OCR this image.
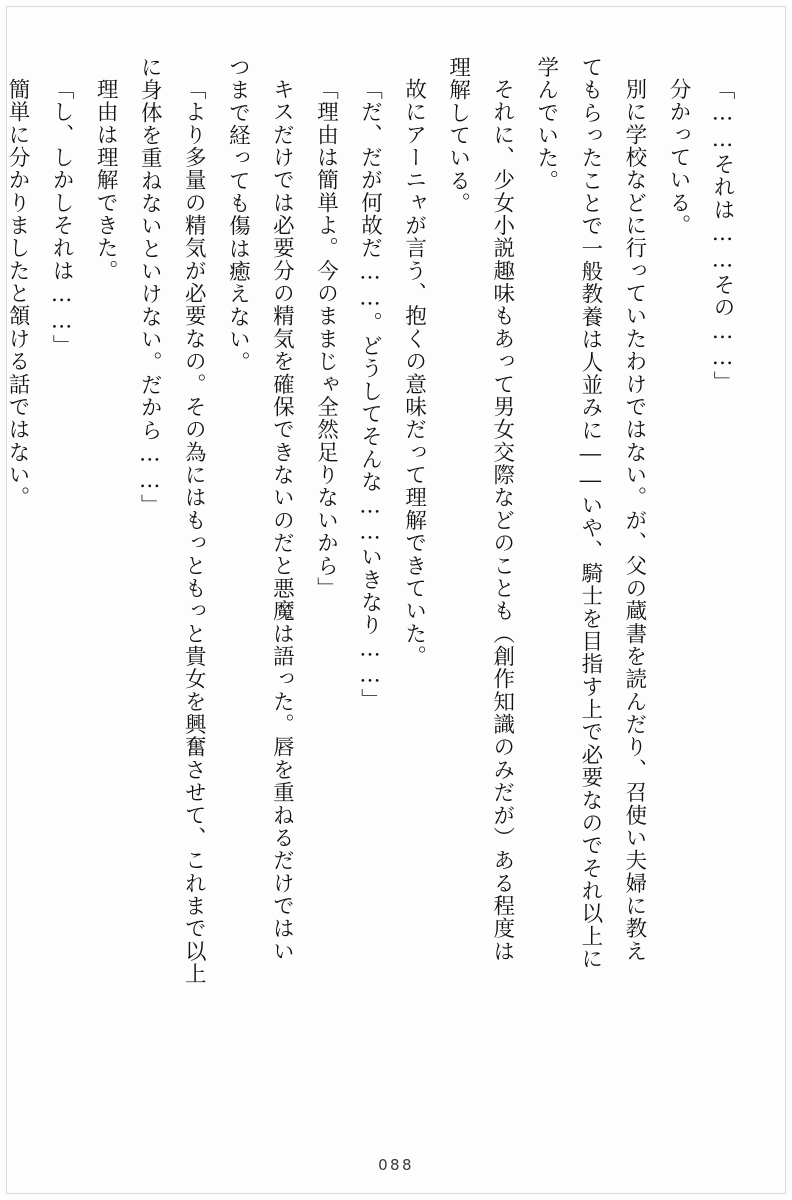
「……それは……その……」

分かっている。

別に学校などに行っていたわけではない。が、父の蔵書を読んだり、召使い夫婦に教え

てもらったことで一般教養は人並みに――いや、騎士を目指す上で必要なのでそれ以上に

学んでいた。

それに、少女小説趣味もあって男女交際などのことも（創作知識のみだが）ある程度は

理解している。

故にアーニャが言う、抱くの意味だって理解できていた。

「だ、だが何故だ……。どうしてそんな……いきなり……」

「理由は簡単よ。今のままじゃ全然足りないから」

キスだけでは必要分の精気を確保できないのだと悪魔は語った。唇を重ねるだけではい

つまで経っても傷は癒えない。

「より多量の精気が必要なの。その為にはもっともっと貴女を興奮させて、これまで以上

に身体を重ねないといけない。だから……」

理由は理解できた。

「し、しかしそれは……」

簡単に分かりましたと頷ける話ではない。

088
